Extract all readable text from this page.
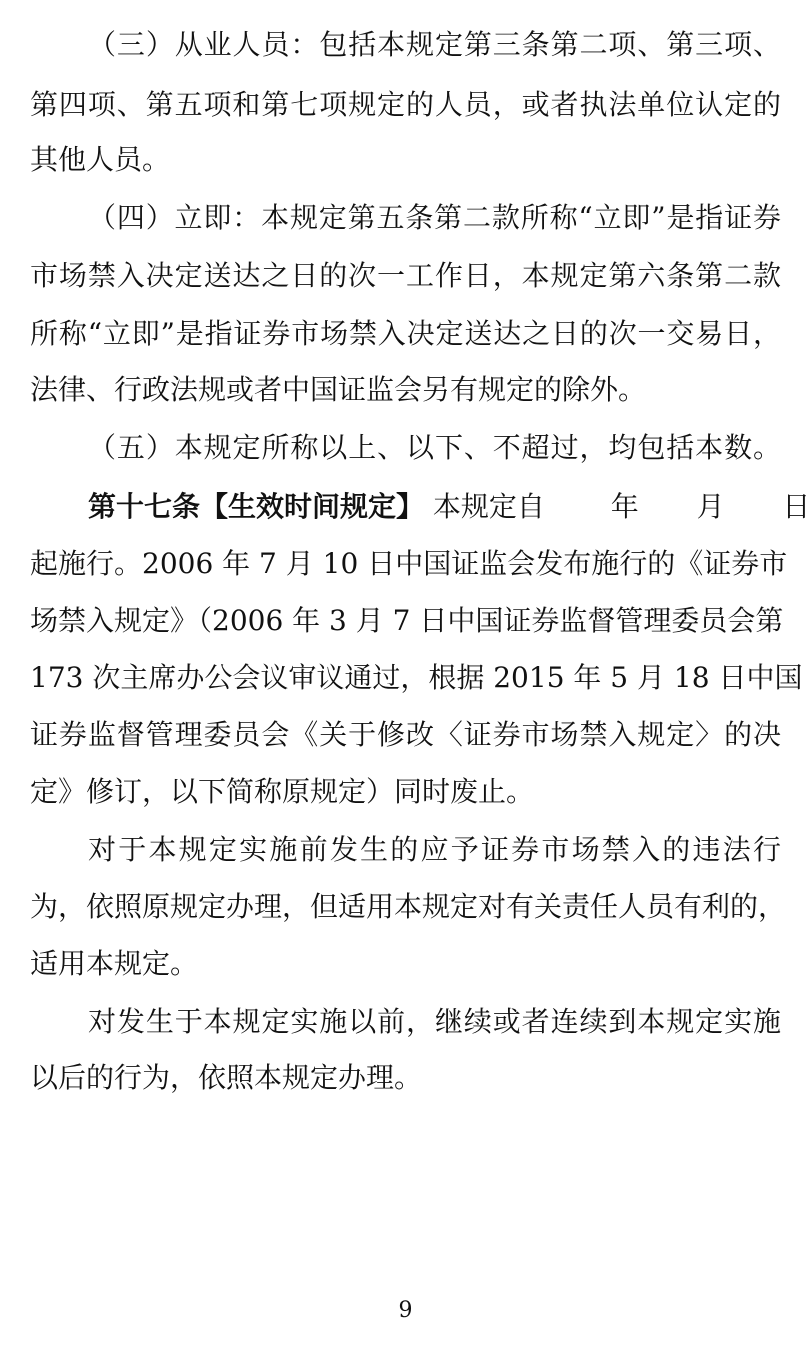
（三）从业人员：包括本规定第三条第二项、第三项、
第四项、第五项和第七项规定的人员，或者执法单位认定的
其他人员。
（四）立即：本规定第五条第二款所称“立即”是指证券
市场禁入决定送达之日的次一工作日，本规定第六条第二款
所称“立即”是指证券市场禁入决定送达之日的次一交易日，
法律、行政法规或者中国证监会另有规定的除外。
（五）本规定所称以上、以下、不超过，均包括本数。
第十七条【生效时间规定】 本规定自 年 月 日
起施行。2006 年 7 月 10 日中国证监会发布施行的《证券市
场禁入规定》（2006 年 3 月 7 日中国证券监督管理委员会第
173 次主席办公会议审议通过，根据 2015 年 5 月 18 日中国
证券监督管理委员会《关于修改〈证券市场禁入规定〉的决
定》修订，以下简称原规定）同时废止。
对于本规定实施前发生的应予证券市场禁入的违法行
为，依照原规定办理，但适用本规定对有关责任人员有利的，
适用本规定。
对发生于本规定实施以前，继续或者连续到本规定实施
以后的行为，依照本规定办理。
9
